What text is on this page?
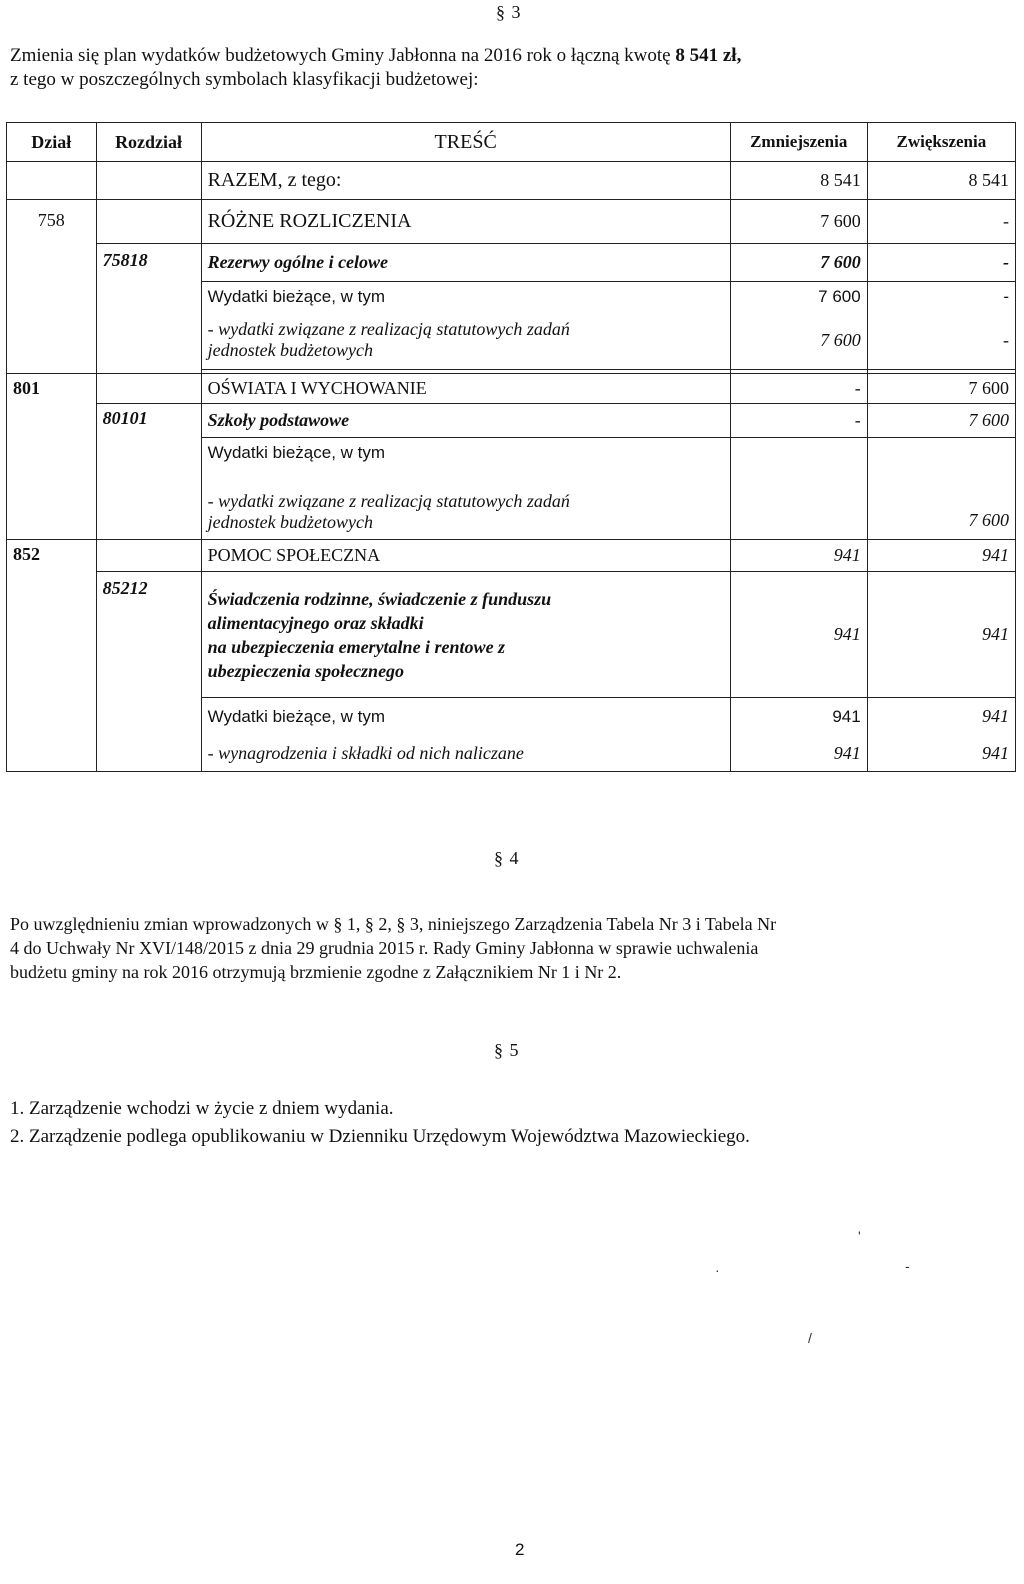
§ 3
Zmienia się plan wydatków budżetowych Gminy Jabłonna na 2016 rok o łączną kwotę 8 541 zł,
z tego w poszczególnych symbolach klasyfikacji budżetowej:
Dział	Rozdział	TREŚĆ	Zmniejszenia	Zwiększenia
		RAZEM, z tego:	8 541	8 541
758		RÓŻNE ROZLICZENIA	7 600	-
	75818	Rezerwy ogólne i celowe	7 600	-
		Wydatki bieżące, w tym	7 600	-

		- wydatki związane z realizacją statutowych zadań
jednostek budżetowych	7 600	-

801		OŚWIATA I WYCHOWANIE	-	7 600
	80101	Szkoły podstawowe	-	7 600
		Wydatki bieżące, w tym		

		- wydatki związane z realizacją statutowych zadań
jednostek budżetowych		7 600
852		POMOC SPOŁECZNA	941	941
	85212	Świadczenia rodzinne, świadczenie z funduszu
alimentacyjnego oraz składki
na ubezpieczenia emerytalne i rentowe z
ubezpieczenia społecznego	941	941
		Wydatki bieżące, w tym	941	941
		- wynagrodzenia i składki od nich naliczane	941	941
§ 4
Po uwzględnieniu zmian wprowadzonych w § 1, § 2, § 3, niniejszego Zarządzenia Tabela Nr 3 i Tabela Nr
4 do Uchwały Nr XVI/148/2015 z dnia 29 grudnia 2015 r. Rady Gminy Jabłonna w sprawie uchwalenia
budżetu gminy na rok 2016 otrzymują brzmienie zgodne z Załącznikiem Nr 1 i Nr 2.
§ 5
1. Zarządzenie wchodzi w życie z dniem wydania.
2. Zarządzenie podlega opublikowaniu w Dzienniku Urzędowym Województwa Mazowieckiego.
'
·	-
/
2
